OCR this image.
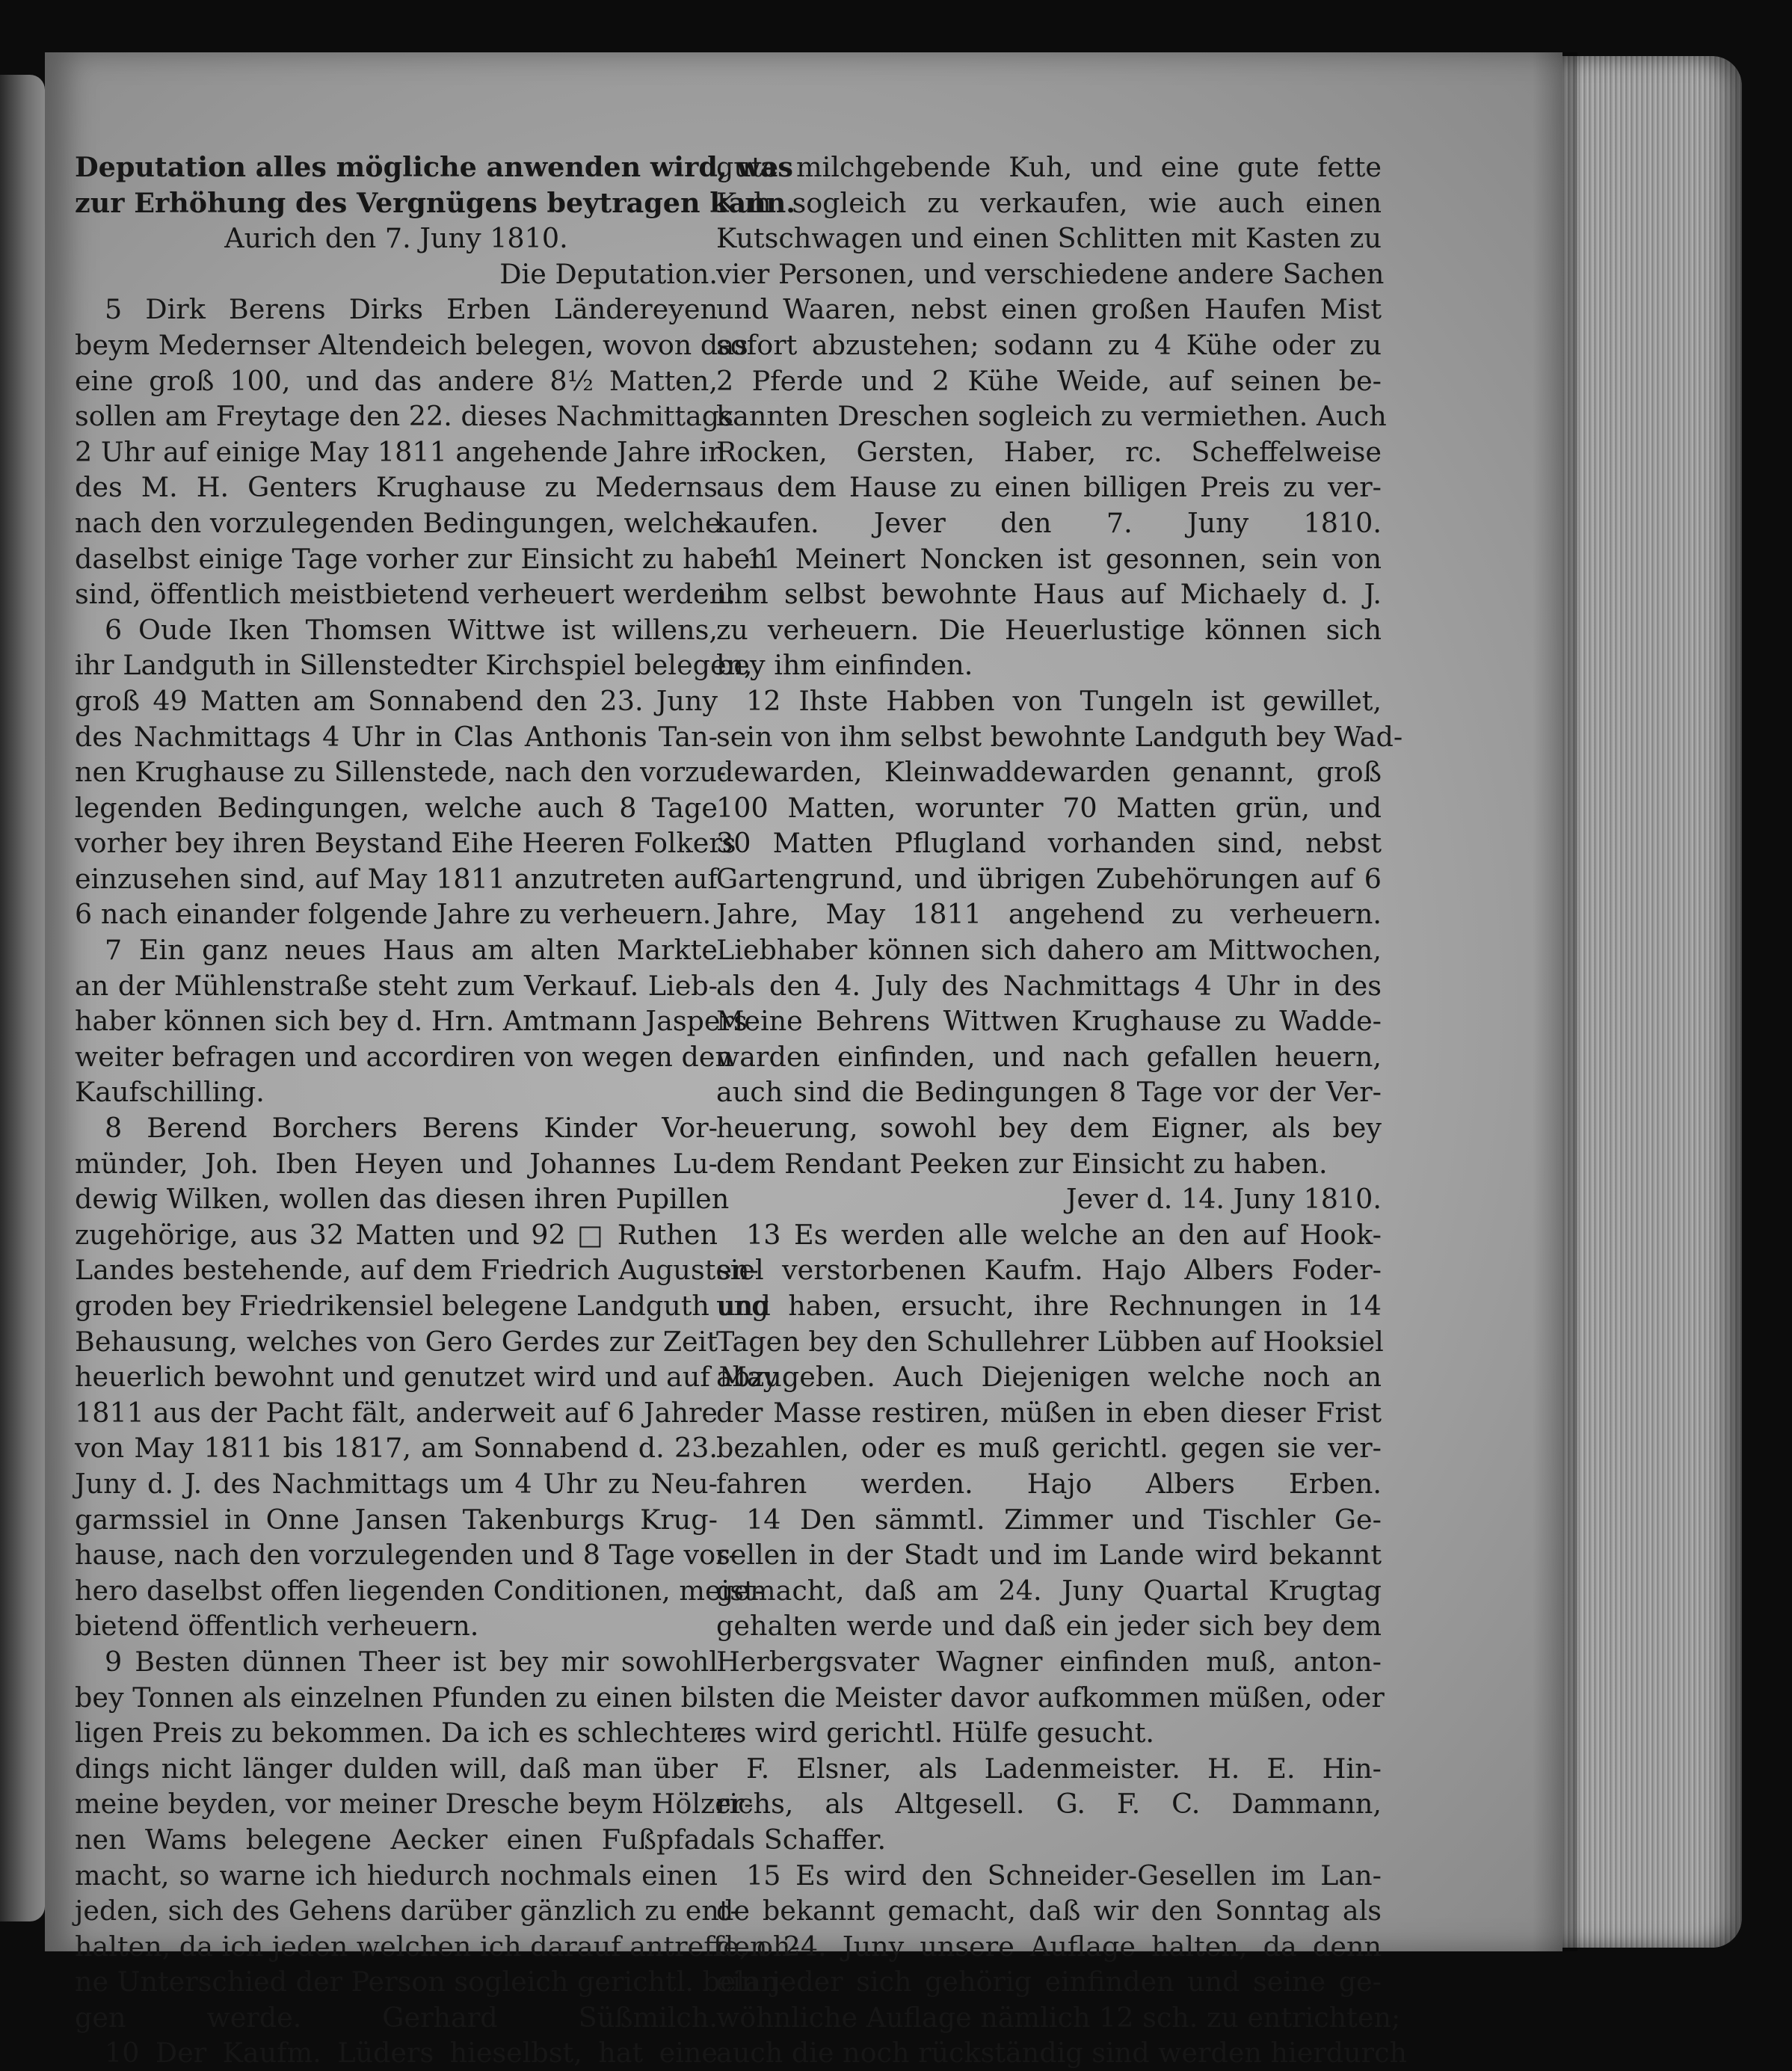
Deputation alles mögliche anwenden wird, was
zur Erhöhung des Vergnügens beytragen kann.
Aurich den 7. Juny 1810.
Die Deputation.
5 Dirk Berens Dirks Erben Ländereyen
beym Medernser Altendeich belegen, wovon das
eine groß 100, und das andere 8½ Matten,
sollen am Freytage den 22. dieses Nachmittags
2 Uhr auf einige May 1811 angehende Jahre in
des M. H. Genters Krughause zu Mederns
nach den vorzulegenden Bedingungen, welche
daselbst einige Tage vorher zur Einsicht zu haben
sind, öffentlich meistbietend verheuert werden.
6 Oude Iken Thomsen Wittwe ist willens,
ihr Landguth in Sillenstedter Kirchspiel belegen,
groß 49 Matten am Sonnabend den 23. Juny
des Nachmittags 4 Uhr in Clas Anthonis Tan-
nen Krughause zu Sillenstede, nach den vorzu-
legenden Bedingungen, welche auch 8 Tage
vorher bey ihren Beystand Eihe Heeren Folkers
einzusehen sind, auf May 1811 anzutreten auf
6 nach einander folgende Jahre zu verheuern.
7 Ein ganz neues Haus am alten Markte
an der Mühlenstraße steht zum Verkauf. Lieb-
haber können sich bey d. Hrn. Amtmann Jaspers
weiter befragen und accordiren von wegen den
Kaufschilling.
8 Berend Borchers Berens Kinder Vor-
münder, Joh. Iben Heyen und Johannes Lu-
dewig Wilken, wollen das diesen ihren Pupillen
zugehörige, aus 32 Matten und 92 □ Ruthen
Landes bestehende, auf dem Friedrich Augusten-
groden bey Friedrikensiel belegene Landguth und
Behausung, welches von Gero Gerdes zur Zeit
heuerlich bewohnt und genutzet wird und auf May
1811 aus der Pacht fält, anderweit auf 6 Jahre
von May 1811 bis 1817, am Sonnabend d. 23.
Juny d. J. des Nachmittags um 4 Uhr zu Neu-
garmssiel in Onne Jansen Takenburgs Krug-
hause, nach den vorzulegenden und 8 Tage vor-
hero daselbst offen liegenden Conditionen, meist-
bietend öffentlich verheuern.
9 Besten dünnen Theer ist bey mir sowohl
bey Tonnen als einzelnen Pfunden zu einen bil-
ligen Preis zu bekommen. Da ich es schlechter-
dings nicht länger dulden will, daß man über
meine beyden, vor meiner Dresche beym Hölzer-
nen Wams belegene Aecker einen Fußpfad
macht, so warne ich hiedurch nochmals einen
jeden, sich des Gehens darüber gänzlich zu ent-
halten, da ich jeden welchen ich darauf antreffe, oh-
ne Unterschied der Person sogleich gerichtl. belan-
gen werde. Gerhard Süßmilch.
10 Der Kaufm. Lüders hieselbst, hat eine
gute milchgebende Kuh, und eine gute fette
Kuh sogleich zu verkaufen, wie auch einen
Kutschwagen und einen Schlitten mit Kasten zu
vier Personen, und verschiedene andere Sachen
und Waaren, nebst einen großen Haufen Mist
sofort abzustehen; sodann zu 4 Kühe oder zu
2 Pferde und 2 Kühe Weide, auf seinen be-
kannten Dreschen sogleich zu vermiethen. Auch
Rocken, Gersten, Haber, rc. Scheffelweise
aus dem Hause zu einen billigen Preis zu ver-
kaufen. Jever den 7. Juny 1810.
11 Meinert Noncken ist gesonnen, sein von
ihm selbst bewohnte Haus auf Michaely d. J.
zu verheuern. Die Heuerlustige können sich
bey ihm einfinden.
12 Ihste Habben von Tungeln ist gewillet,
sein von ihm selbst bewohnte Landguth bey Wad-
dewarden, Kleinwaddewarden genannt, groß
100 Matten, worunter 70 Matten grün, und
30 Matten Pflugland vorhanden sind, nebst
Gartengrund, und übrigen Zubehörungen auf 6
Jahre, May 1811 angehend zu verheuern.
Liebhaber können sich dahero am Mittwochen,
als den 4. July des Nachmittags 4 Uhr in des
Meine Behrens Wittwen Krughause zu Wadde-
warden einfinden, und nach gefallen heuern,
auch sind die Bedingungen 8 Tage vor der Ver-
heuerung, sowohl bey dem Eigner, als bey
dem Rendant Peeken zur Einsicht zu haben.
Jever d. 14. Juny 1810.
13 Es werden alle welche an den auf Hook-
siel verstorbenen Kaufm. Hajo Albers Foder-
ung haben, ersucht, ihre Rechnungen in 14
Tagen bey den Schullehrer Lübben auf Hooksiel
abzugeben. Auch Diejenigen welche noch an
der Masse restiren, müßen in eben dieser Frist
bezahlen, oder es muß gerichtl. gegen sie ver-
fahren werden. Hajo Albers Erben.
14 Den sämmtl. Zimmer und Tischler Ge-
sellen in der Stadt und im Lande wird bekannt
gemacht, daß am 24. Juny Quartal Krugtag
gehalten werde und daß ein jeder sich bey dem
Herbergsvater Wagner einfinden muß, anton-
sten die Meister davor aufkommen müßen, oder
es wird gerichtl. Hülfe gesucht.
F. Elsner, als Ladenmeister. H. E. Hin-
richs, als Altgesell. G. F. C. Dammann,
als Schaffer.
15 Es wird den Schneider-Gesellen im Lan-
de bekannt gemacht, daß wir den Sonntag als
den 24. Juny unsere Auflage halten, da denn
ein jeder sich gehörig einfinden und seine ge-
wöhnliche Auflage nämlich 12 sch. zu entrichten;
auch die noch rückständig sind werden hierdurch
